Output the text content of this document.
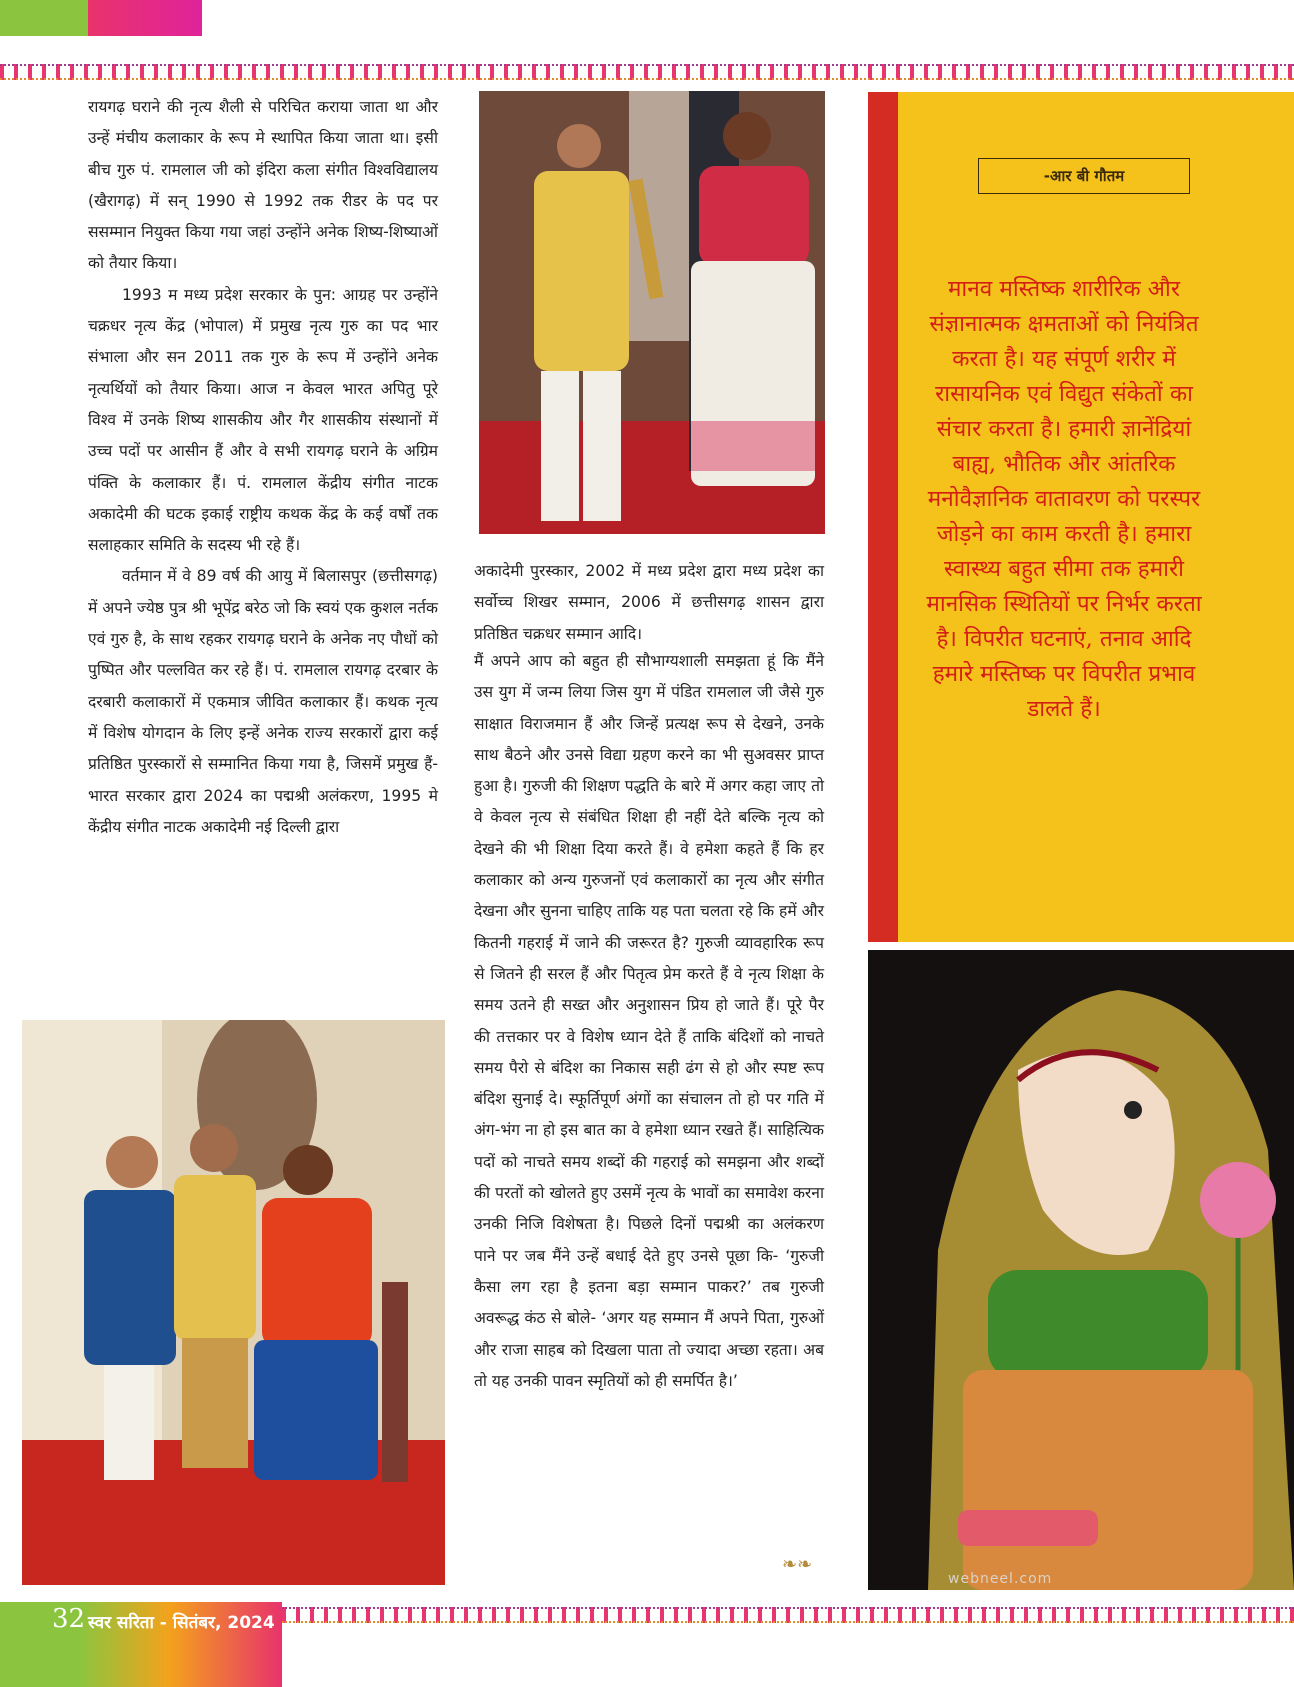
रायगढ़ घराने की नृत्य शैली से परिचित कराया जाता था और उन्हें मंचीय कलाकार के रूप मे स्थापित किया जाता था। इसी बीच गुरु पं. रामलाल जी को इंदिरा कला संगीत विश्वविद्यालय (खैरागढ़) में सन् 1990 से 1992 तक रीडर के पद पर ससम्मान नियुक्त किया गया जहां उन्होंने अनेक शिष्य-शिष्याओं को तैयार किया।

1993 म मध्य प्रदेश सरकार के पुन: आग्रह पर उन्होंने चक्रधर नृत्य केंद्र (भोपाल) में प्रमुख नृत्य गुरु का पद भार संभाला और सन 2011 तक गुरु के रूप में उन्होंने अनेक नृत्यर्थियों को तैयार किया। आज न केवल भारत अपितु पूरे विश्व में उनके शिष्य शासकीय और गैर शासकीय संस्थानों में उच्च पदों पर आसीन हैं और वे सभी रायगढ़ घराने के अग्रिम पंक्ति के कलाकार हैं। पं. रामलाल केंद्रीय संगीत नाटक अकादेमी की घटक इकाई राष्ट्रीय कथक केंद्र के कई वर्षों तक सलाहकार समिति के सदस्य भी रहे हैं।

वर्तमान में वे 89 वर्ष की आयु में बिलासपुर (छत्तीसगढ़) में अपने ज्येष्ठ पुत्र श्री भूपेंद्र बरेठ जो कि स्वयं एक कुशल नर्तक एवं गुरु है, के साथ रहकर रायगढ़ घराने के अनेक नए पौधों को पुष्पित और पल्लवित कर रहे हैं। पं. रामलाल रायगढ़ दरबार के दरबारी कलाकारों में एकमात्र जीवित कलाकार हैं। कथक नृत्य में विशेष योगदान के लिए इन्हें अनेक राज्य सरकारों द्वारा कई प्रतिष्ठित पुरस्कारों से सम्मानित किया गया है, जिसमें प्रमुख हैं- भारत सरकार द्वारा 2024 का पद्मश्री अलंकरण, 1995 मे केंद्रीय संगीत नाटक अकादेमी नई दिल्ली द्वारा

अकादेमी पुरस्कार, 2002 में मध्य प्रदेश द्वारा मध्य प्रदेश का सर्वोच्च शिखर सम्मान, 2006 में छत्तीसगढ़ शासन द्वारा प्रतिष्ठित चक्रधर सम्मान आदि।

मैं अपने आप को बहुत ही सौभाग्यशाली समझता हूं कि मैंने उस युग में जन्म लिया जिस युग में पंडित रामलाल जी जैसे गुरु साक्षात विराजमान हैं और जिन्हें प्रत्यक्ष रूप से देखने, उनके साथ बैठने और उनसे विद्या ग्रहण करने का भी सुअवसर प्राप्त हुआ है। गुरुजी की शिक्षण पद्धति के बारे में अगर कहा जाए तो वे केवल नृत्य से संबंधित शिक्षा ही नहीं देते बल्कि नृत्य को देखने की भी शिक्षा दिया करते हैं। वे हमेशा कहते हैं कि हर कलाकार को अन्य गुरुजनों एवं कलाकारों का नृत्य और संगीत देखना और सुनना चाहिए ताकि यह पता चलता रहे कि हमें और कितनी गहराई में जाने की जरूरत है? गुरुजी व्यावहारिक रूप से जितने ही सरल हैं और पितृत्व प्रेम करते हैं वे नृत्य शिक्षा के समय उतने ही सख्त और अनुशासन प्रिय हो जाते हैं। पूरे पैर की तत्तकार पर वे विशेष ध्यान देते हैं ताकि बंदिशों को नाचते समय पैरो से बंदिश का निकास सही ढंग से हो और स्पष्ट रूप बंदिश सुनाई दे। स्फूर्तिपूर्ण अंगों का संचालन तो हो पर गति में अंग-भंग ना हो इस बात का वे हमेशा ध्यान रखते हैं। साहित्यिक पदों को नाचते समय शब्दों की गहराई को समझना और शब्दों की परतों को खोलते हुए उसमें नृत्य के भावों का समावेश करना उनकी निजि विशेषता है। पिछले दिनों पद्मश्री का अलंकरण पाने पर जब मैंने उन्हें बधाई देते हुए उनसे पूछा कि- ‘गुरुजी कैसा लग रहा है इतना बड़ा सम्मान पाकर?’ तब गुरुजी अवरूद्ध कंठ से बोले- ‘अगर यह सम्मान मैं अपने पिता, गुरुओं और राजा साहब को दिखला पाता तो ज्यादा अच्छा रहता। अब तो यह उनकी पावन स्मृतियों को ही समर्पित है।’

❧❧
-आर बी गौतम
मानव मस्तिष्क शारीरिक और संज्ञानात्मक क्षमताओं को नियंत्रित करता है। यह संपूर्ण शरीर में रासायनिक एवं विद्युत संकेतों का संचार करता है। हमारी ज्ञानेंद्रियां बाह्य, भौतिक और आंतरिक मनोवैज्ञानिक वातावरण को परस्पर जोड़ने का काम करती है। हमारा स्वास्थ्य बहुत सीमा तक हमारी मानसिक स्थितियों पर निर्भर करता है। विपरीत घटनाएं, तनाव आदि हमारे मस्तिष्क पर विपरीत प्रभाव डालते हैं।
webneel.com
32 स्वर सरिता - सितंबर, 2024
